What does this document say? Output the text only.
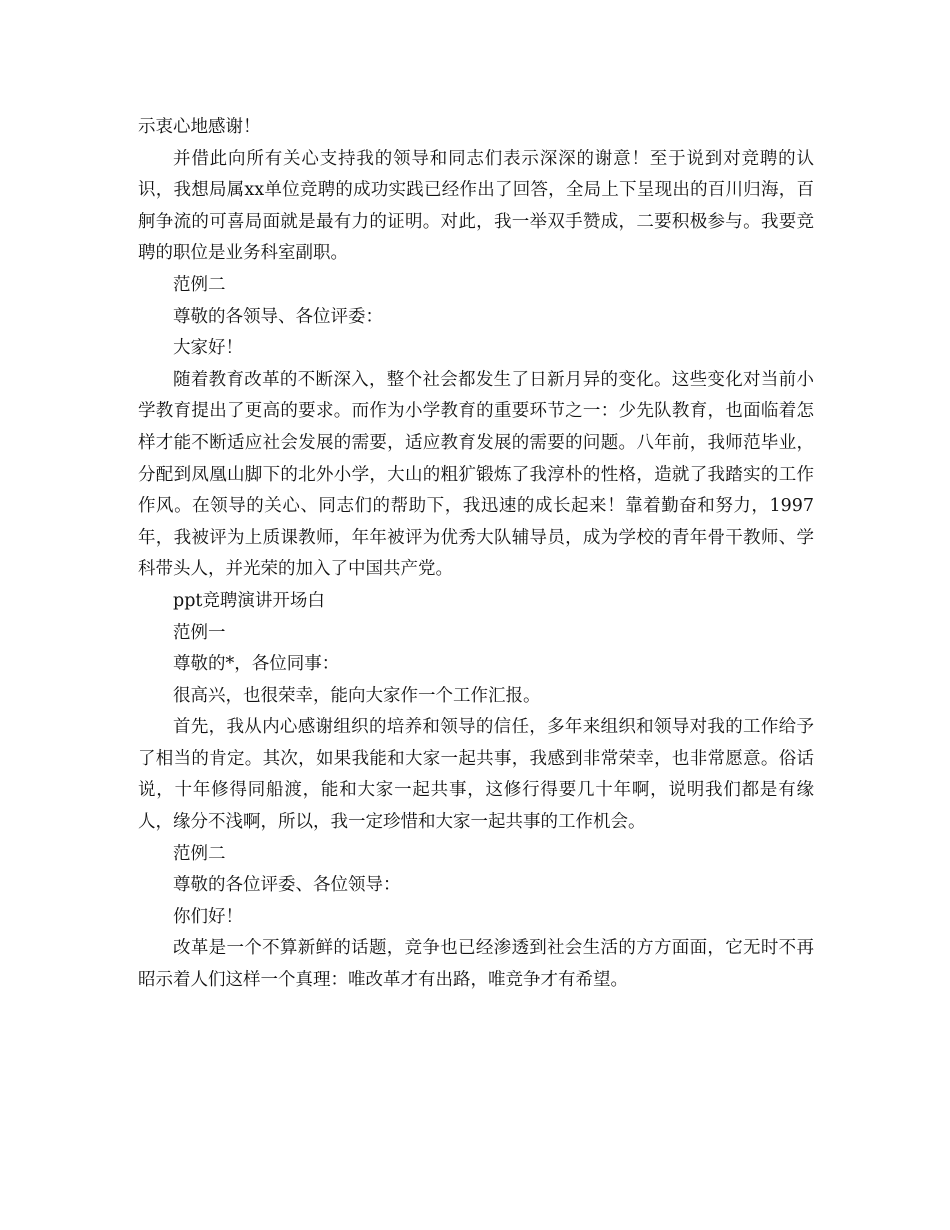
示衷心地感谢！

并借此向所有关心支持我的领导和同志们表示深深的谢意！至于说到对竞聘的认识，我想局属xx单位竞聘的成功实践已经作出了回答，全局上下呈现出的百川归海，百舸争流的可喜局面就是最有力的证明。对此，我一举双手赞成，二要积极参与。我要竞聘的职位是业务科室副职。

范例二

尊敬的各领导、各位评委：

大家好！

随着教育改革的不断深入，整个社会都发生了日新月异的变化。这些变化对当前小学教育提出了更高的要求。而作为小学教育的重要环节之一：少先队教育，也面临着怎样才能不断适应社会发展的需要，适应教育发展的需要的问题。八年前，我师范毕业，分配到凤凰山脚下的北外小学，大山的粗犷锻炼了我淳朴的性格，造就了我踏实的工作作风。在领导的关心、同志们的帮助下，我迅速的成长起来！靠着勤奋和努力，1997年，我被评为上质课教师，年年被评为优秀大队辅导员，成为学校的青年骨干教师、学科带头人，并光荣的加入了中国共产党。

ppt竞聘演讲开场白

范例一

尊敬的*，各位同事：

很高兴，也很荣幸，能向大家作一个工作汇报。

首先，我从内心感谢组织的培养和领导的信任，多年来组织和领导对我的工作给予了相当的肯定。其次，如果我能和大家一起共事，我感到非常荣幸，也非常愿意。俗话说，十年修得同船渡，能和大家一起共事，这修行得要几十年啊，说明我们都是有缘人，缘分不浅啊，所以，我一定珍惜和大家一起共事的工作机会。

范例二

尊敬的各位评委、各位领导：

你们好！

改革是一个不算新鲜的话题，竞争也已经渗透到社会生活的方方面面，它无时不再昭示着人们这样一个真理：唯改革才有出路，唯竞争才有希望。
